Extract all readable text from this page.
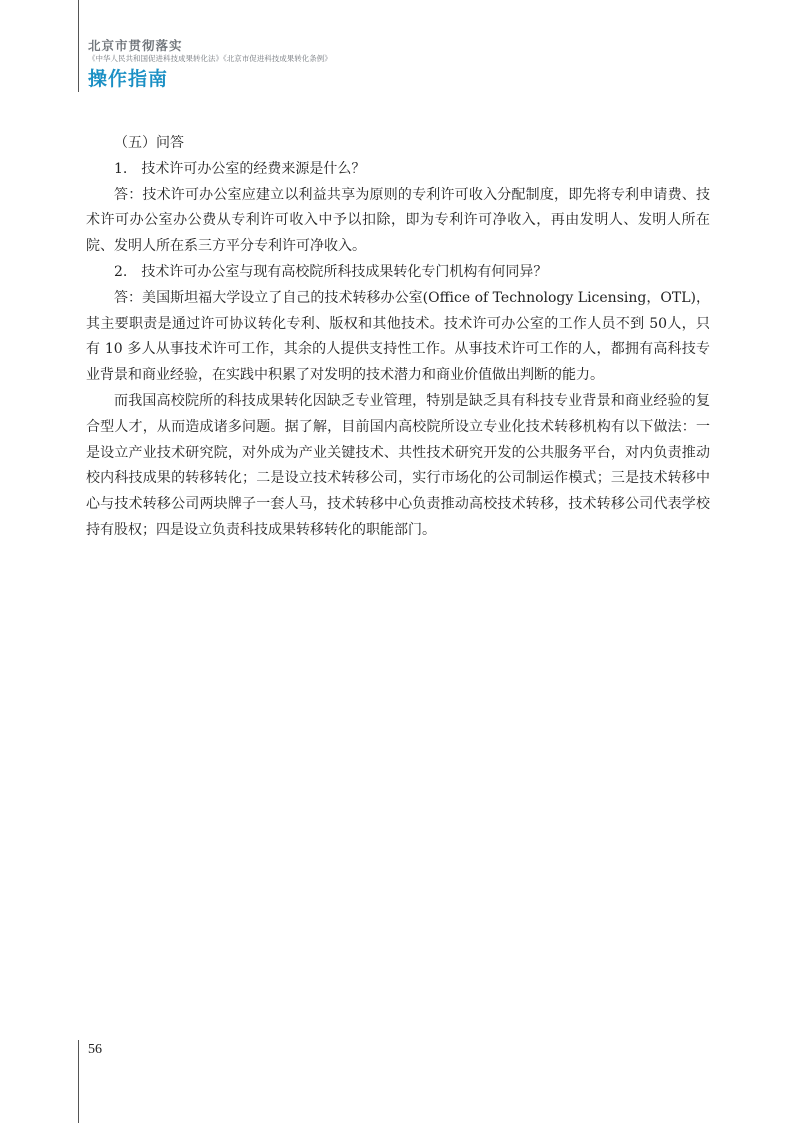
北京市贯彻落实
《中华人民共和国促进科技成果转化法》《北京市促进科技成果转化条例》
操作指南

（五）问答

1.　技术许可办公室的经费来源是什么？

答：技术许可办公室应建立以利益共享为原则的专利许可收入分配制度，即先将专利申请费、技术许可办公室办公费从专利许可收入中予以扣除，即为专利许可净收入，再由发明人、发明人所在院、发明人所在系三方平分专利许可净收入。

2.　技术许可办公室与现有高校院所科技成果转化专门机构有何同异？

答：美国斯坦福大学设立了自己的技术转移办公室(Office of Technology Licensing，OTL)，其主要职责是通过许可协议转化专利、版权和其他技术。技术许可办公室的工作人员不到 50人，只有 10 多人从事技术许可工作，其余的人提供支持性工作。从事技术许可工作的人，都拥有高科技专业背景和商业经验，在实践中积累了对发明的技术潜力和商业价值做出判断的能力。

而我国高校院所的科技成果转化因缺乏专业管理，特别是缺乏具有科技专业背景和商业经验的复合型人才，从而造成诸多问题。据了解，目前国内高校院所设立专业化技术转移机构有以下做法：一是设立产业技术研究院，对外成为产业关键技术、共性技术研究开发的公共服务平台，对内负责推动校内科技成果的转移转化；二是设立技术转移公司，实行市场化的公司制运作模式；三是技术转移中心与技术转移公司两块牌子一套人马，技术转移中心负责推动高校技术转移，技术转移公司代表学校持有股权；四是设立负责科技成果转移转化的职能部门。

56
